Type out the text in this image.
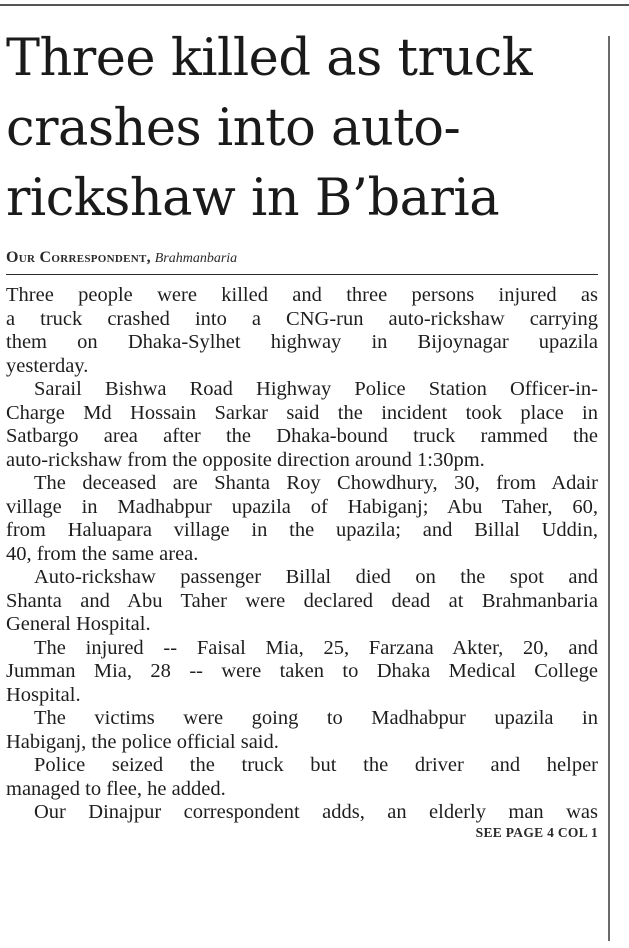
Three killed as truck
crashes into auto-
rickshaw in B’baria
Our Correspondent, Brahmanbaria
Three people were killed and three persons injured as
a truck crashed into a CNG-run auto-rickshaw carrying
them on Dhaka-Sylhet highway in Bijoynagar upazila
yesterday.
Sarail Bishwa Road Highway Police Station Officer-in-
Charge Md Hossain Sarkar said the incident took place in
Satbargo area after the Dhaka-bound truck rammed the
auto-rickshaw from the opposite direction around 1:30pm.
The deceased are Shanta Roy Chowdhury, 30, from Adair
village in Madhabpur upazila of Habiganj; Abu Taher, 60,
from Haluapara village in the upazila; and Billal Uddin,
40, from the same area.
Auto-rickshaw passenger Billal died on the spot and
Shanta and Abu Taher were declared dead at Brahmanbaria
General Hospital.
The injured -- Faisal Mia, 25, Farzana Akter, 20, and
Jumman Mia, 28 -- were taken to Dhaka Medical College
Hospital.
The victims were going to Madhabpur upazila in
Habiganj, the police official said.
Police seized the truck but the driver and helper
managed to flee, he added.
Our Dinajpur correspondent adds, an elderly man was
SEE PAGE 4 COL 1
